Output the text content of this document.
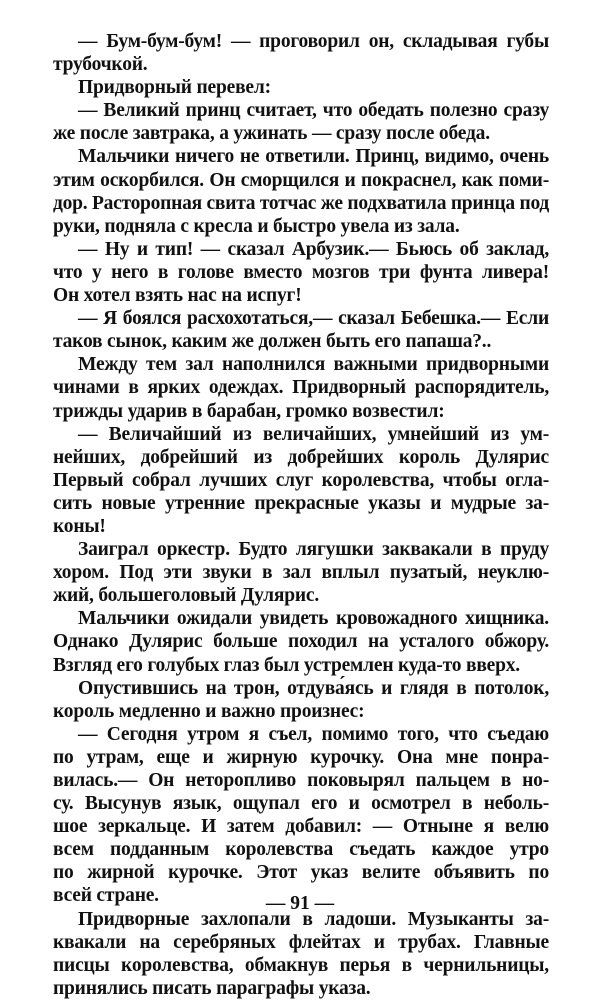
— Бум-бум-бум! — проговорил он, складывая губы
трубочкой.
Придворный перевел:
— Великий принц считает, что обедать полезно сразу
же после завтрака, а ужинать — сразу после обеда.
Мальчики ничего не ответили. Принц, видимо, очень
этим оскорбился. Он сморщился и покраснел, как поми-
дор. Расторопная свита тотчас же подхватила принца под
руки, подняла с кресла и быстро увела из зала.
— Ну и тип! — сказал Арбузик.— Бьюсь об заклад,
что у него в голове вместо мозгов три фунта ливера!
Он хотел взять нас на испуг!
— Я боялся расхохотаться,— сказал Бебешка.— Если
таков сынок, каким же должен быть его папаша?..
Между тем зал наполнился важными придворными
чинами в ярких одеждах. Придворный распорядитель,
трижды ударив в барабан, громко возвестил:
— Величайший из величайших, умнейший из ум-
нейших, добрейший из добрейших король Дулярис
Первый собрал лучших слуг королевства, чтобы огла-
сить новые утренние прекрасные указы и мудрые за-
коны!
Заиграл оркестр. Будто лягушки заквакали в пруду
хором. Под эти звуки в зал вплыл пузатый, неуклю-
жий, большеголовый Дулярис.
Мальчики ожидали увидеть кровожадного хищника.
Однако Дулярис больше походил на усталого обжору.
Взгляд его голубых глаз был устремлен куда-то вверх.
Опустившись на трон, отдува́ясь и глядя в потолок,
король медленно и важно произнес:
— Сегодня утром я съел, помимо того, что съедаю
по утрам, еще и жирную курочку. Она мне понра-
вилась.— Он неторопливо поковырял пальцем в но-
су. Высунув язык, ощупал его и осмотрел в неболь-
шое зеркальце. И затем добавил: — Отныне я велю
всем подданным королевства съедать каждое утро
по жирной курочке. Этот указ велите объявить по
всей стране.
Придворные захлопали в ладоши. Музыканты за-
квакали на серебряных флейтах и трубах. Главные
писцы королевства, обмакнув перья в чернильницы,
принялись писать параграфы указа.
— 91 —
